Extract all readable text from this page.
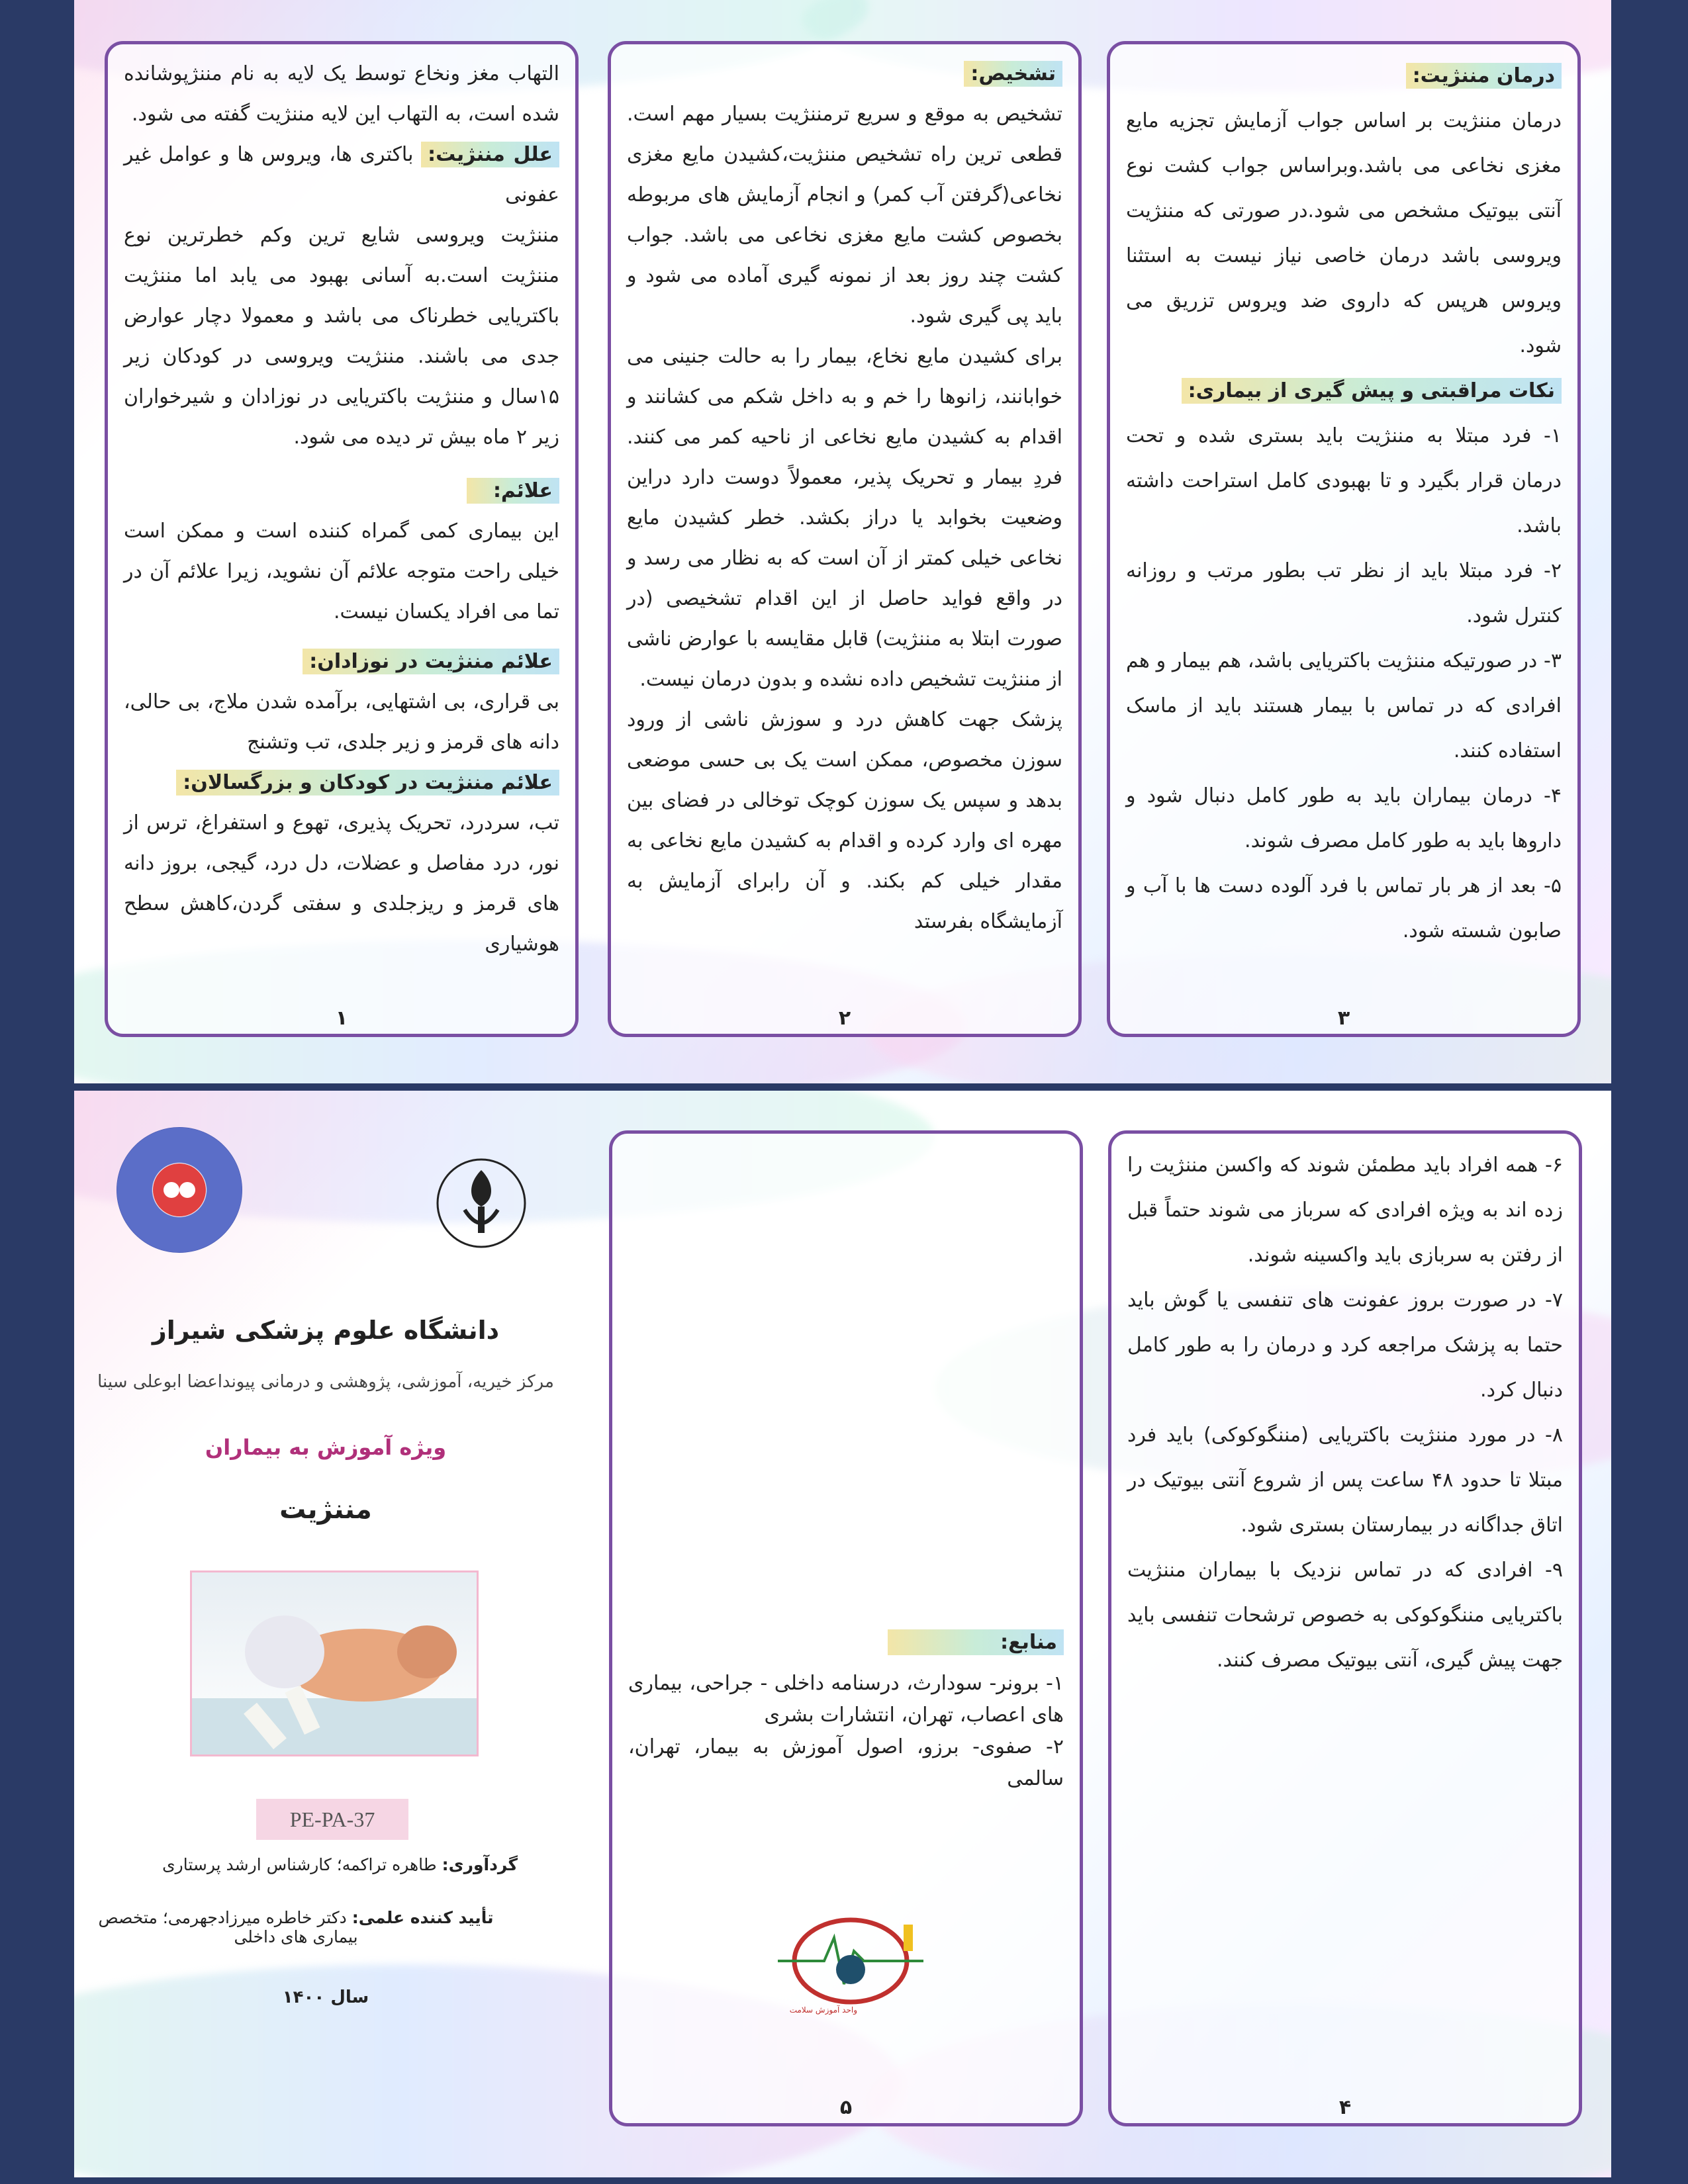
التهاب مغز ونخاع توسط یک لایه به نام مننژپوشانده شده است، به التهاب این لایه مننژیت گفته می شود.

علل مننژیت: باکتری ها، ویروس ها و عوامل غیر عفونی

مننژیت ویروسی شایع ترین وکم خطرترین نوع مننژیت است.به آسانی بهبود می یابد اما مننژیت باکتریایی خطرناک می باشد و معمولا دچار عوارض جدی می باشند. مننژیت ویروسی در کودکان زیر ۱۵سال و مننژیت باکتریایی در نوزادان و شیرخواران زیر ۲ ماه بیش تر دیده می شود.

علائم:

این بیماری کمی گمراه کننده است و ممکن است خیلی راحت متوجه علائم آن نشوید، زیرا علائم آن در تما می افراد یکسان نیست.

علائم مننژیت در نوزادان:

بی قراری، بی اشتهایی، برآمده شدن ملاج، بی حالی، دانه های قرمز و زیر جلدی، تب وتشنج

علائم مننژیت در کودکان و بزرگسالان:

تب، سردرد، تحریک پذیری، تهوع و استفراغ، ترس از نور، درد مفاصل و عضلات، دل درد، گیجی، بروز دانه های قرمز و ریزجلدی و سفتی گردن،کاهش سطح هوشیاری

۱

تشخیص:

تشخیص به موقع و سریع ترمننژیت بسیار مهم است. قطعی ترین راه تشخیص مننژیت،کشیدن مایع مغزی نخاعی(گرفتن آب کمر) و انجام آزمایش های مربوطه بخصوص کشت مایع مغزی نخاعی می باشد. جواب کشت چند روز بعد از نمونه گیری آماده می شود و باید پی گیری شود.

برای کشیدن مایع نخاع، بیمار را به حالت جنینی می خوابانند، زانوها را خم و به داخل شکم می کشانند و اقدام به کشیدن مایع نخاعی از ناحیه کمر می کنند. فردِ بیمار و تحریک پذیر، معمولاً دوست دارد دراین وضعیت بخوابد یا دراز بکشد. خطر کشیدن مایع نخاعی خیلی کمتر از آن است که به نظار می رسد و در واقع فواید حاصل از این اقدام تشخیصی (در صورت ابتلا به مننژیت) قابل مقایسه با عوارض ناشی از مننژیت تشخیص داده نشده و بدون درمان نیست.

پزشک جهت کاهش درد و سوزش ناشی از ورود سوزن مخصوص، ممکن است یک بی حسی موضعی بدهد و سپس یک سوزن کوچک توخالی در فضای بین مهره ای وارد کرده و اقدام به کشیدن مایع نخاعی به مقدار خیلی کم بکند. و آن رابرای آزمایش به آزمایشگاه بفرستد

۲

درمان مننژیت:

درمان مننژیت بر اساس جواب آزمایش تجزیه مایع مغزی نخاعی می باشد.وبراساس جواب کشت نوع آنتی بیوتیک مشخص می شود.در صورتی که مننژیت ویروسی باشد درمان خاصی نیاز نیست به استثنا ویروس هرپس که داروی ضد ویروس تزریق می شود.

نکات مراقبتی و پیش گیری از بیماری:

۱- فرد مبتلا به مننژیت باید بستری شده و تحت درمان قرار بگیرد و تا بهبودی کامل استراحت داشته باشد.

۲- فرد مبتلا باید از نظر تب بطور مرتب و روزانه کنترل شود.

۳- در صورتیکه مننژیت باکتریایی باشد، هم بیمار و هم افرادی که در تماس با بیمار هستند باید از ماسک استفاده کنند.

۴- درمان بیماران باید به طور کامل دنبال شود و داروها باید به طور کامل مصرف شوند.

۵- بعد از هر بار تماس با فرد آلوده دست ها با آب و صابون شسته شود.

۳
دانشگاه علوم پزشکی شیراز
مرکز خیریه، آموزشی، پژوهشی و درمانی پیونداعضا ابوعلی سینا
ویژه آموزش به بیماران
مننژیت
PE-PA-37
گردآوری: طاهره تراکمه؛ کارشناس ارشد پرستاری
تأیید کننده علمی: دکتر خاطره میرزادجهرمی؛ متخصص بیماری های داخلی
سال ۱۴۰۰

منابع:

۱- برونر- سودارث، درسنامه داخلی - جراحی، بیماری های اعصاب، تهران، انتشارات بشری

۲- صفوی- برزو، اصول آموزش به بیمار، تهران، سالمی

واحد آموزش سلامت
۵

۶- همه افراد باید مطمئن شوند که واکسن مننژیت را زده اند به ویژه افرادی که سرباز می شوند حتماً قبل از رفتن به سربازی باید واکسینه شوند.

۷- در صورت بروز عفونت های تنفسی یا گوش باید حتما به پزشک مراجعه کرد و درمان را به طور کامل دنبال کرد.

۸- در مورد مننژیت باکتریایی (مننگوکوکی) باید فرد مبتلا تا حدود ۴۸ ساعت پس از شروع آنتی بیوتیک در اتاق جداگانه در بیمارستان بستری شود.

۹- افرادی که در تماس نزدیک با بیماران مننژیت باکتریایی مننگوکوکی به خصوص ترشحات تنفسی باید جهت پیش گیری، آنتی بیوتیک مصرف کنند.

۴
